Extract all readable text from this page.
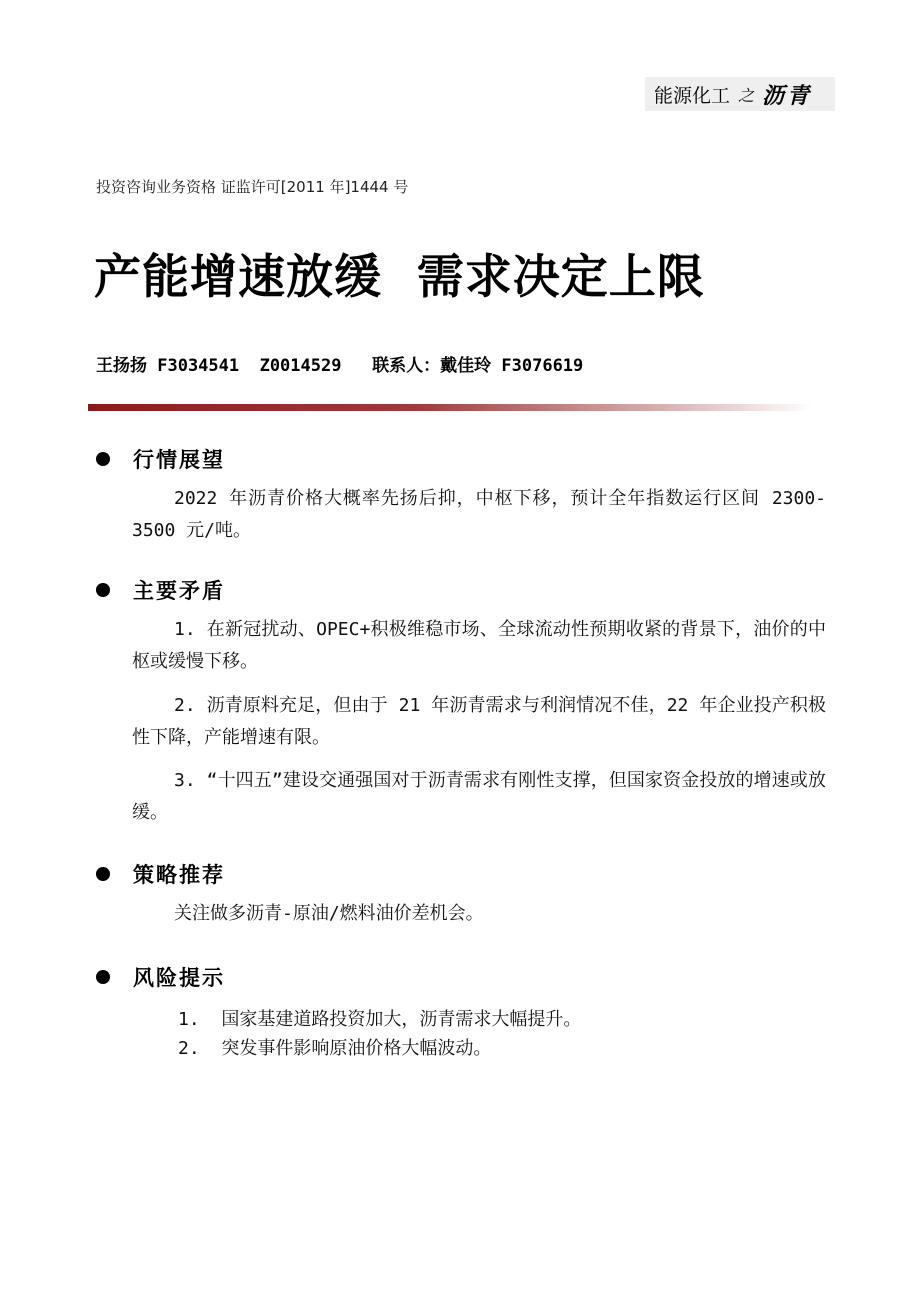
能源化工 之 沥青
投资咨询业务资格 证监许可[2011 年]1444 号
产能增速放缓  需求决定上限
王扬扬 F3034541  Z0014529   联系人：戴佳玲 F3076619
行情展望
2022 年沥青价格大概率先扬后抑，中枢下移，预计全年指数运行区间 2300-3500 元/吨。
主要矛盾
1. 在新冠扰动、OPEC+积极维稳市场、全球流动性预期收紧的背景下，油价的中枢或缓慢下移。
2. 沥青原料充足，但由于 21 年沥青需求与利润情况不佳，22 年企业投产积极性下降，产能增速有限。
3. “十四五”建设交通强国对于沥青需求有刚性支撑，但国家资金投放的增速或放缓。
策略推荐
关注做多沥青-原油/燃料油价差机会。
风险提示
1.  国家基建道路投资加大，沥青需求大幅提升。
2.  突发事件影响原油价格大幅波动。
